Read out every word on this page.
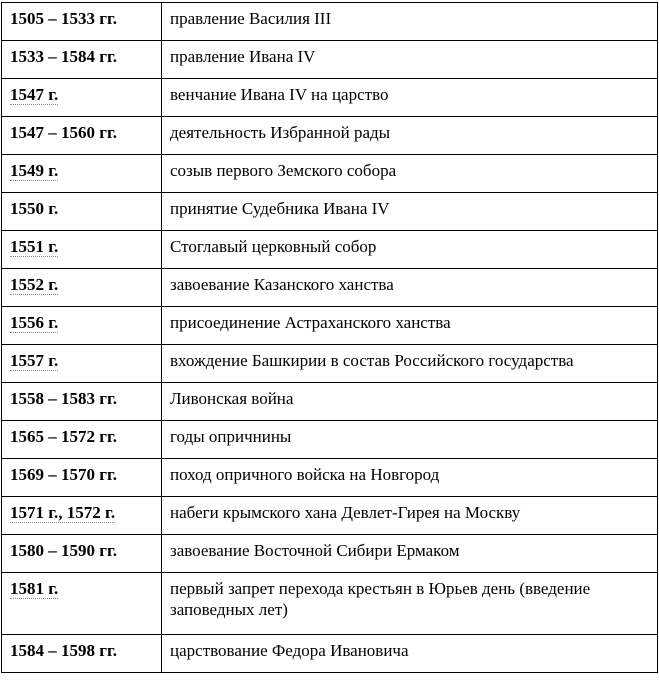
1505 – 1533 гг.	правление Василия III
1533 – 1584 гг.	правление Ивана IV
1547 г.	венчание Ивана IV на царство
1547 – 1560 гг.	деятельность Избранной рады
1549 г.	созыв первого Земского собора
1550 г.	принятие Судебника Ивана IV
1551 г.	Стоглавый церковный собор
1552 г.	завоевание Казанского ханства
1556 г.	присоединение Астраханского ханства
1557 г.	вхождение Башкирии в состав Российского государства
1558 – 1583 гг.	Ливонская война
1565 – 1572 гг.	годы опричнины
1569 – 1570 гг.	поход опричного войска на Новгород
1571 г., 1572 г.	набеги крымского хана Девлет-Гирея на Москву
1580 – 1590 гг.	завоевание Восточной Сибири Ермаком
1581 г.	первый запрет перехода крестьян в Юрьев день (введение заповедных лет)
1584 – 1598 гг.	царствование Федора Ивановича
